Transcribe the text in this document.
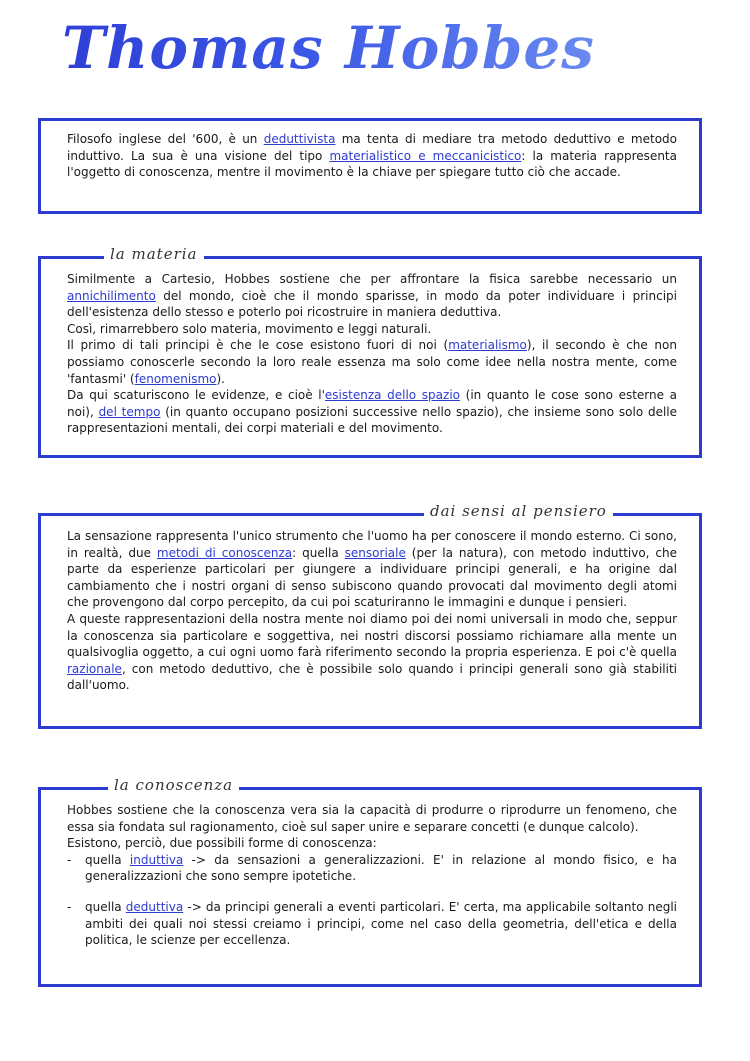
Thomas Hobbes

Filosofo inglese del '600, è un deduttivista ma tenta di mediare tra metodo deduttivo e metodo induttivo. La sua è una visione del tipo materialistico e meccanicistico: la materia rappresenta l'oggetto di conoscenza, mentre il movimento è la chiave per spiegare tutto ciò che accade.

Similmente a Cartesio, Hobbes sostiene che per affrontare la fisica sarebbe necessario un annichilimento del mondo, cioè che il mondo sparisse, in modo da poter individuare i principi dell'esistenza dello stesso e poterlo poi ricostruire in maniera deduttiva.

Così, rimarrebbero solo materia, movimento e leggi naturali.

Il primo di tali principi è che le cose esistono fuori di noi (materialismo), il secondo è che non possiamo conoscerle secondo la loro reale essenza ma solo come idee nella nostra mente, come 'fantasmi' (fenomenismo).

Da qui scaturiscono le evidenze, e cioè l'esistenza dello spazio (in quanto le cose sono esterne a noi), del tempo (in quanto occupano posizioni successive nello spazio), che insieme sono solo delle rappresentazioni mentali, dei corpi materiali e del movimento.

la materia

La sensazione rappresenta l'unico strumento che l'uomo ha per conoscere il mondo esterno. Ci sono, in realtà, due metodi di conoscenza: quella sensoriale (per la natura), con metodo induttivo, che parte da esperienze particolari per giungere a individuare principi generali, e ha origine dal cambiamento che i nostri organi di senso subiscono quando provocati dal movimento degli atomi che provengono dal corpo percepito, da cui poi scaturiranno le immagini e dunque i pensieri.

A queste rappresentazioni della nostra mente noi diamo poi dei nomi universali in modo che, seppur la conoscenza sia particolare e soggettiva, nei nostri discorsi possiamo richiamare alla mente un qualsivoglia oggetto, a cui ogni uomo farà riferimento secondo la propria esperienza. E poi c'è quella razionale, con metodo deduttivo, che è possibile solo quando i principi generali sono già stabiliti dall'uomo.

dai sensi al pensiero

Hobbes sostiene che la conoscenza vera sia la capacità di produrre o riprodurre un fenomeno, che essa sia fondata sul ragionamento, cioè sul saper unire e separare concetti (e dunque calcolo).

Esistono, perciò, due possibili forme di conoscenza:

- quella induttiva -> da sensazioni a generalizzazioni. E' in relazione al mondo fisico, e ha generalizzazioni che sono sempre ipotetiche.

- quella deduttiva -> da principi generali a eventi particolari. E' certa, ma applicabile soltanto negli ambiti dei quali noi stessi creiamo i principi, come nel caso della geometria, dell'etica e della politica, le scienze per eccellenza.

la conoscenza
